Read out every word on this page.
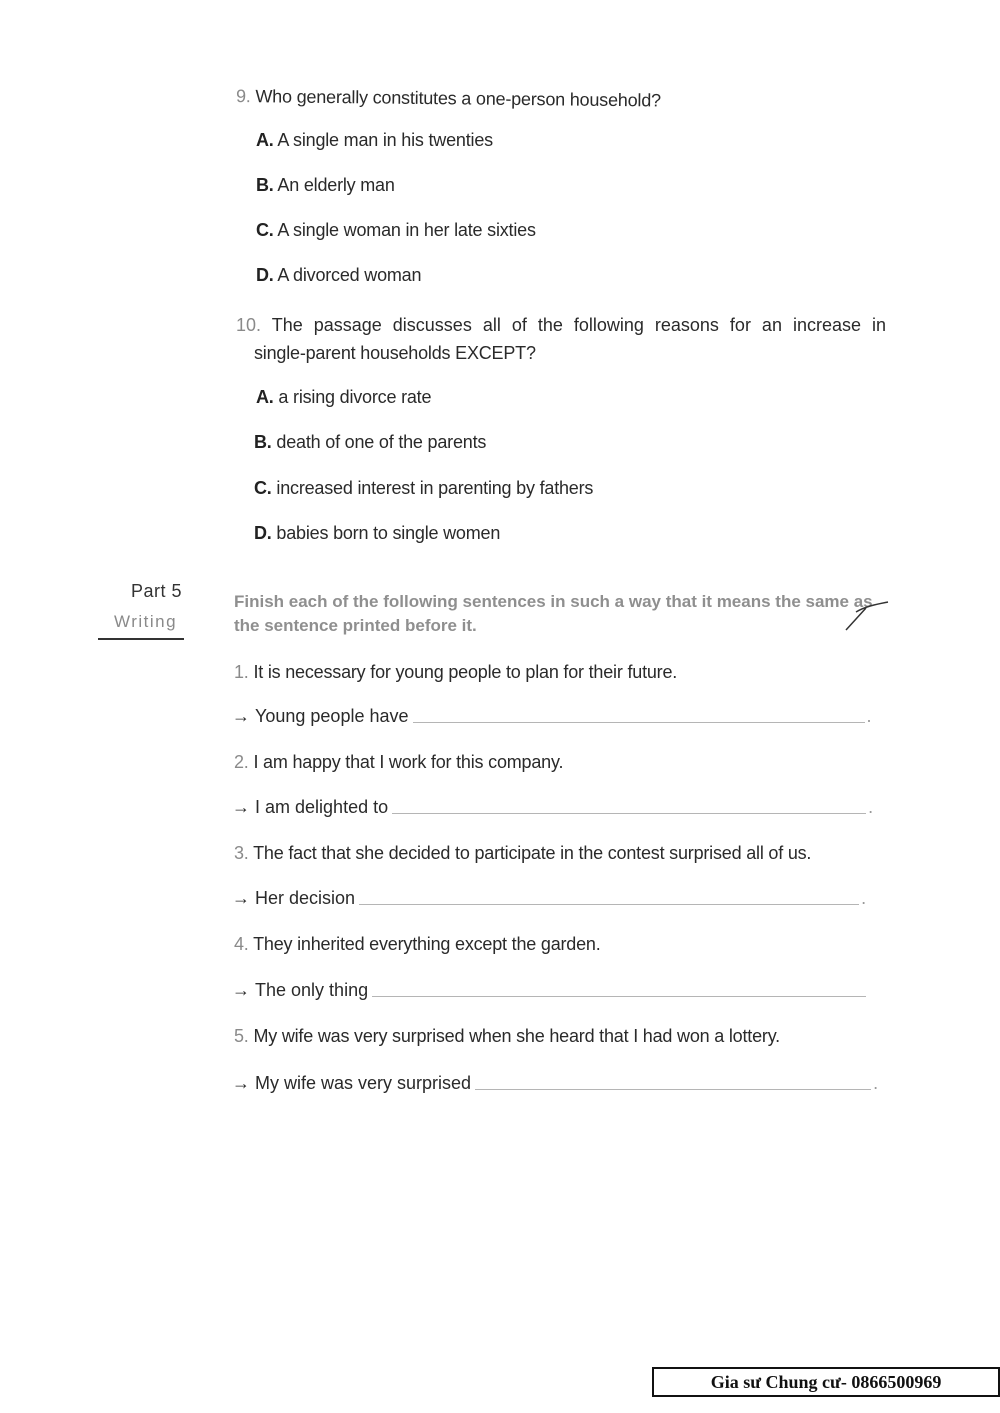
9. Who generally constitutes a one-person household?
A. A single man in his twenties
B. An elderly man
C. A single woman in her late sixties
D. A divorced woman
10. The passage discusses all of the following reasons for an increase in
single-parent households EXCEPT?
A. a rising divorce rate
B. death of one of the parents
C. increased interest in parenting by fathers
D. babies born to single women
Part 5
Writing
Finish each of the following sentences in such a way that it means the same as
the sentence printed before it.
1. It is necessary for young people to plan for their future.
→
Young people have	.
2. I am happy that I work for this company.
→
I am delighted to	.
3. The fact that she decided to participate in the contest surprised all of us.
→
Her decision	.
4. They inherited everything except the garden.
→
The only thing
5. My wife was very surprised when she heard that I had won a lottery.
→
My wife was very surprised	.
Gia sư Chung cư- 0866500969
